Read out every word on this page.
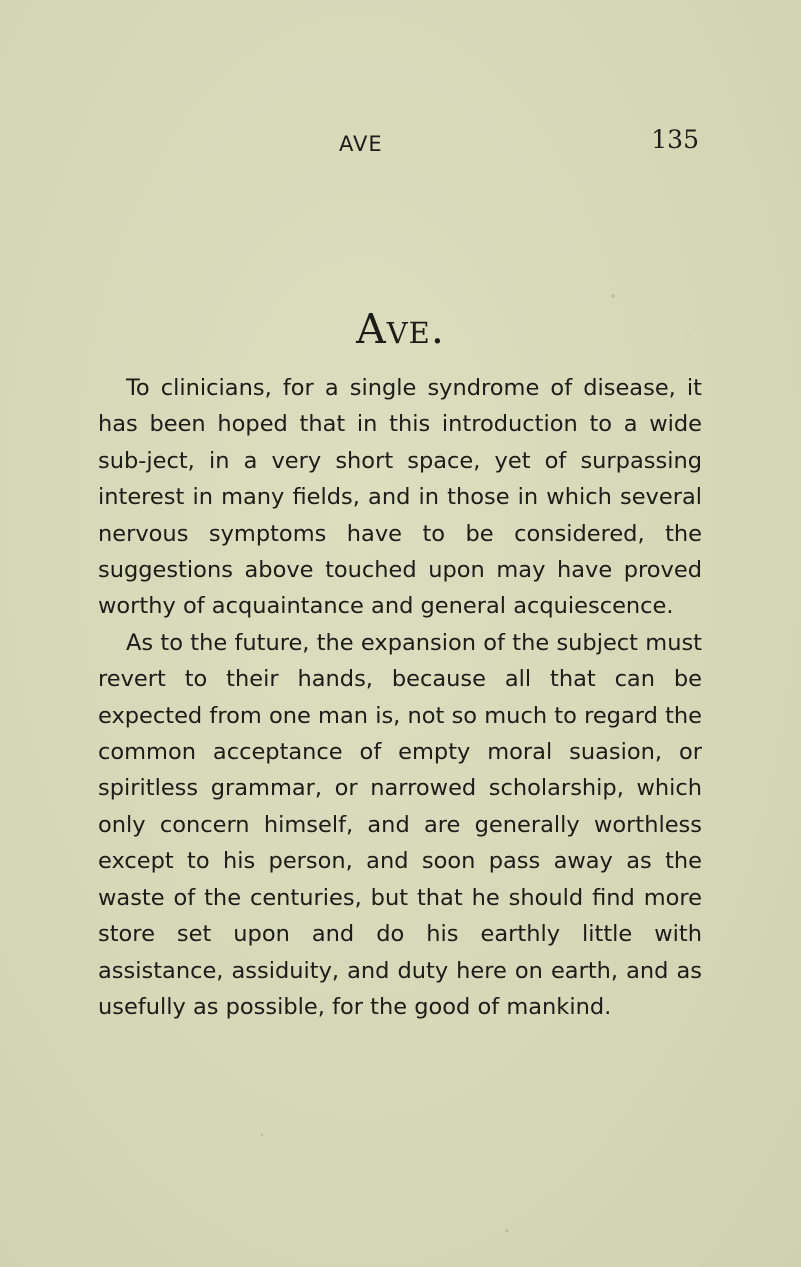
AVE	135
Ave.

To clinicians, for a single syndrome of disease, it has been hoped that in this introduction to a wide sub-ject, in a very short space, yet of surpassing interest in many fields, and in those in which several nervous symptoms have to be considered, the suggestions above touched upon may have proved worthy of acquaintance and general acquiescence.

As to the future, the expansion of the subject must revert to their hands, because all that can be expected from one man is, not so much to regard the common acceptance of empty moral suasion, or spiritless grammar, or narrowed scholarship, which only concern himself, and are generally worthless except to his person, and soon pass away as the waste of the centuries, but that he should find more store set upon and do his earthly little with assistance, assiduity, and duty here on earth, and as usefully as possible, for the good of mankind.
